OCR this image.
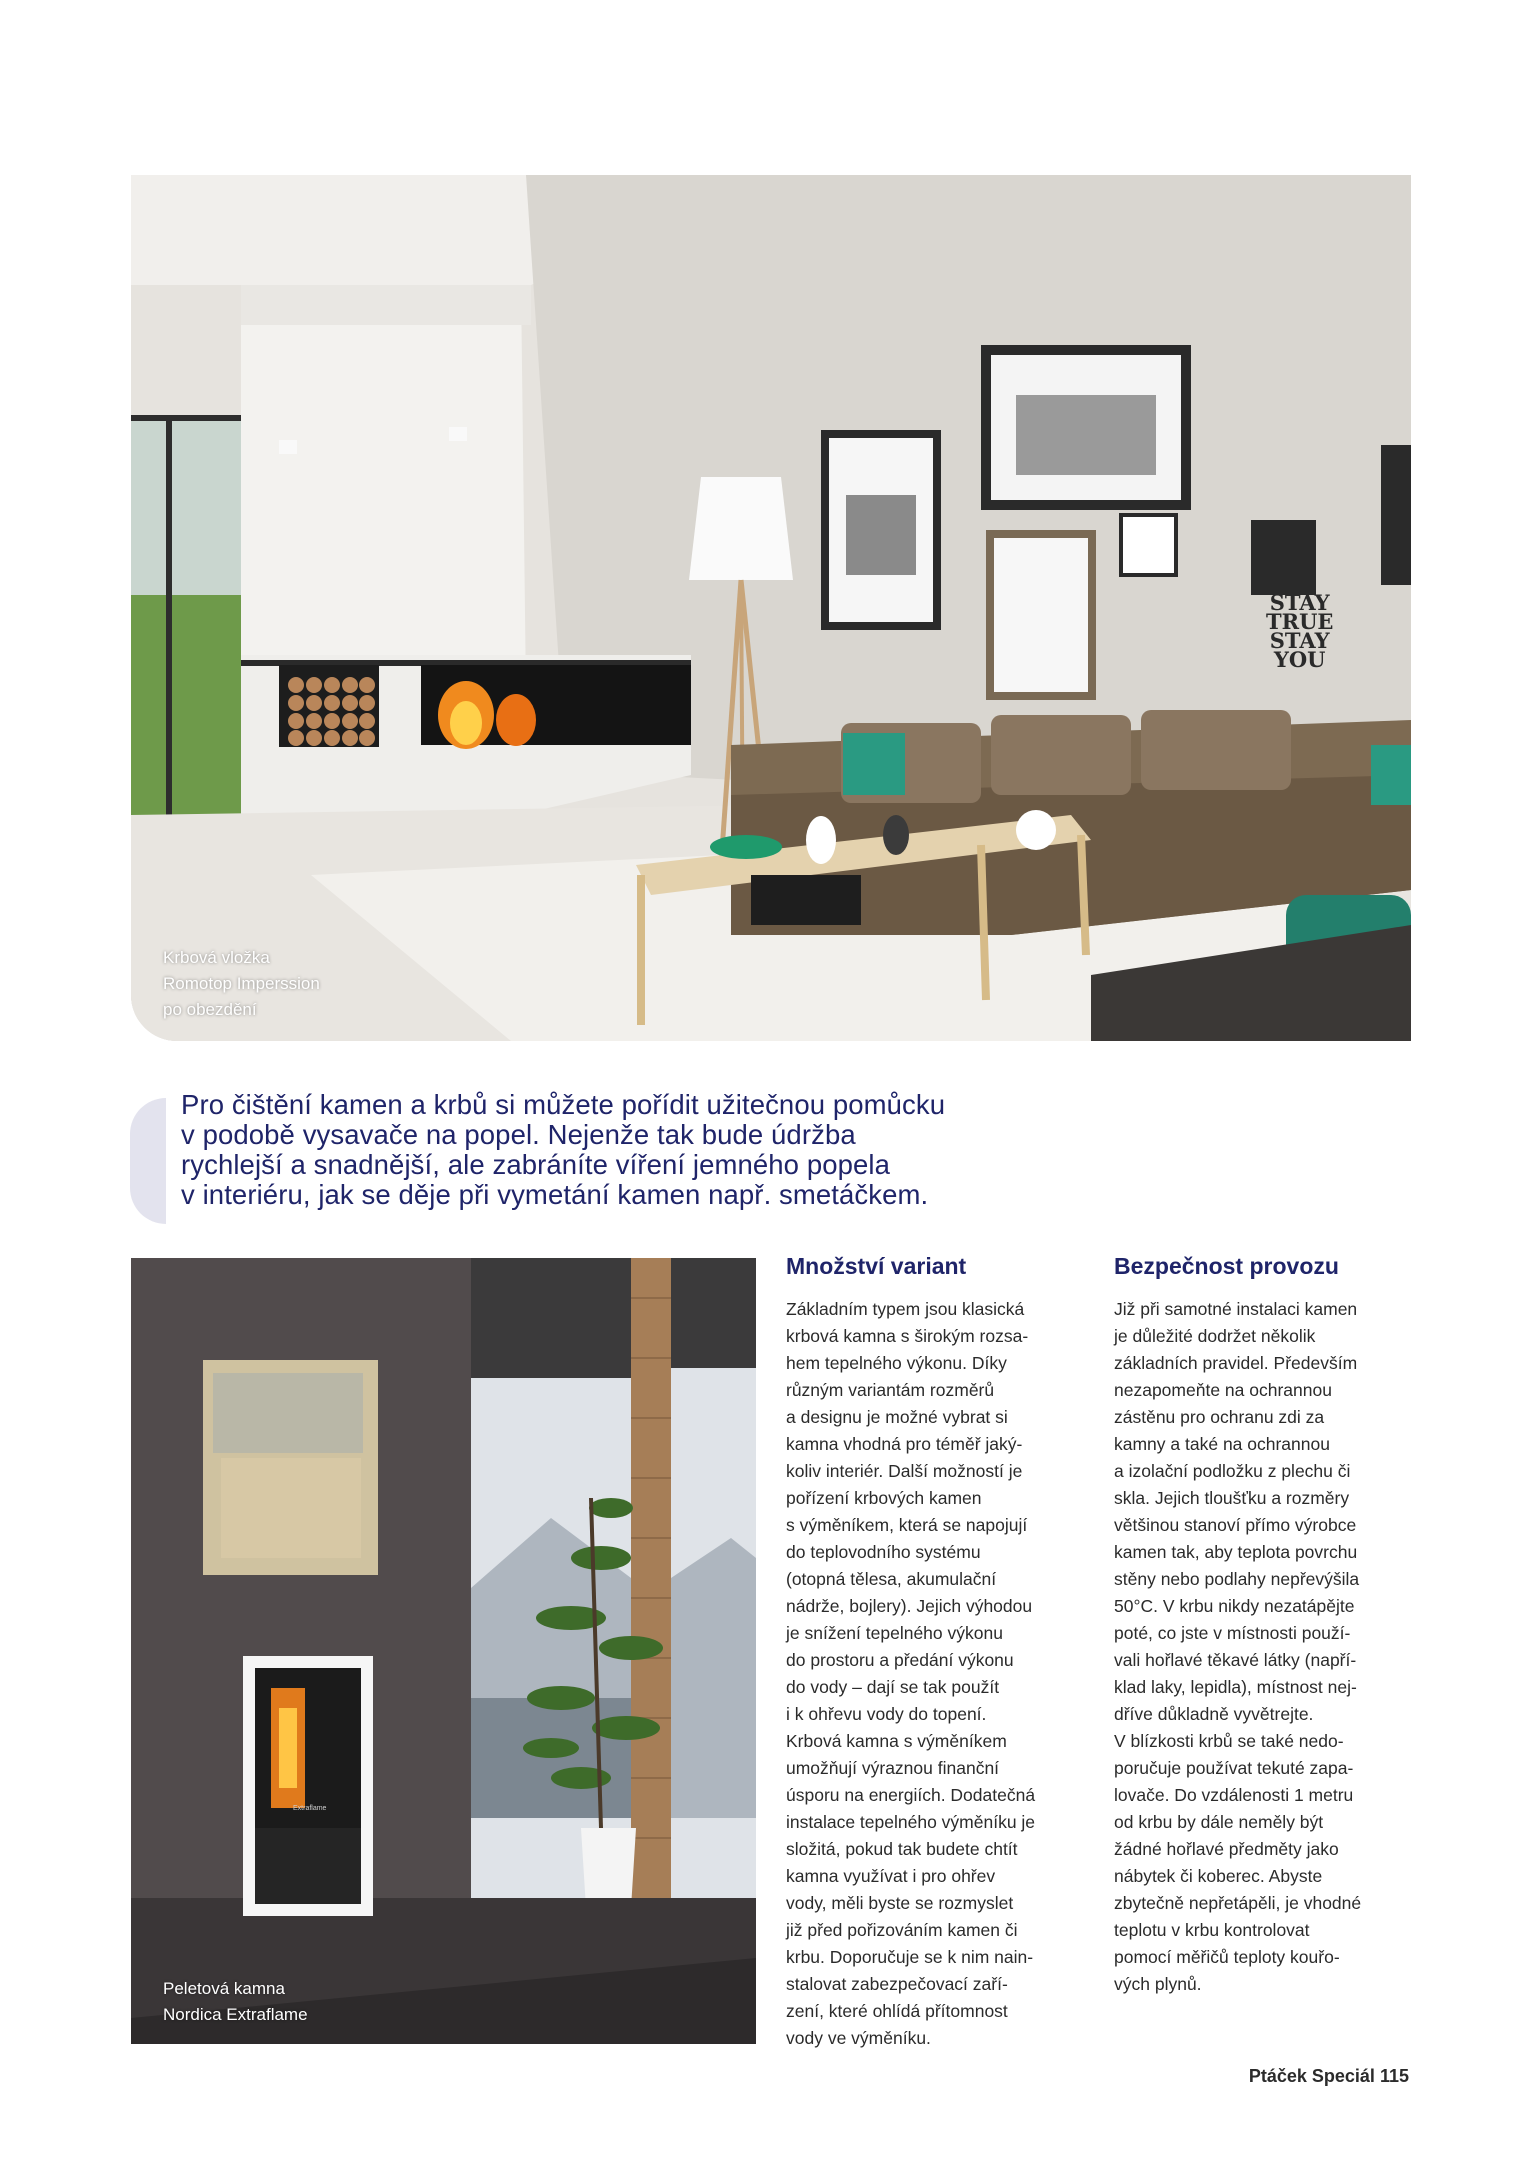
Krbová vložka
Romotop Imperssion
po obezdění
STAY
TRUE
STAY
YOU
Pro čištění kamen a krbů si můžete pořídit užitečnou pomůcku
v podobě vysavače na popel. Nejenže tak bude údržba
rychlejší a snadnější, ale zabráníte víření jemného popela
v interiéru, jak se děje při vymetání kamen např. smetáčkem.
Extraflame
Peletová kamna
Nordica Extraflame
Množství variant
Základním typem jsou klasická
krbová kamna s širokým rozsa-
hem tepelného výkonu. Díky
různým variantám rozměrů
a designu je možné vybrat si
kamna vhodná pro téměř jaký-
koliv interiér. Další možností je
pořízení krbových kamen
s výměníkem, která se napojují
do teplovodního systému
(otopná tělesa, akumulační
nádrže, bojlery). Jejich výhodou
je snížení tepelného výkonu
do prostoru a předání výkonu
do vody – dají se tak použít
i k ohřevu vody do topení.
Krbová kamna s výměníkem
umožňují výraznou finanční
úsporu na energiích. Dodatečná
instalace tepelného výměníku je
složitá, pokud tak budete chtít
kamna využívat i pro ohřev
vody, měli byste se rozmyslet
již před pořizováním kamen či
krbu. Doporučuje se k nim nain-
stalovat zabezpečovací zaří-
zení, které ohlídá přítomnost
vody ve výměníku.
Bezpečnost provozu
Již při samotné instalaci kamen
je důležité dodržet několik
základních pravidel. Především
nezapomeňte na ochrannou
zástěnu pro ochranu zdi za
kamny a také na ochrannou
a izolační podložku z plechu či
skla. Jejich tloušťku a rozměry
většinou stanoví přímo výrobce
kamen tak, aby teplota povrchu
stěny nebo podlahy nepřevýšila
50°C. V krbu nikdy nezatápějte
poté, co jste v místnosti použí-
vali hořlavé těkavé látky (napří-
klad laky, lepidla), místnost nej-
dříve důkladně vyvětrejte.
V blízkosti krbů se také nedo-
poručuje používat tekuté zapa-
lovače. Do vzdálenosti 1 metru
od krbu by dále neměly být
žádné hořlavé předměty jako
nábytek či koberec. Abyste
zbytečně nepřetápěli, je vhodné
teplotu v krbu kontrolovat
pomocí měřičů teploty kouřo-
vých plynů.
Ptáček Speciál 115
